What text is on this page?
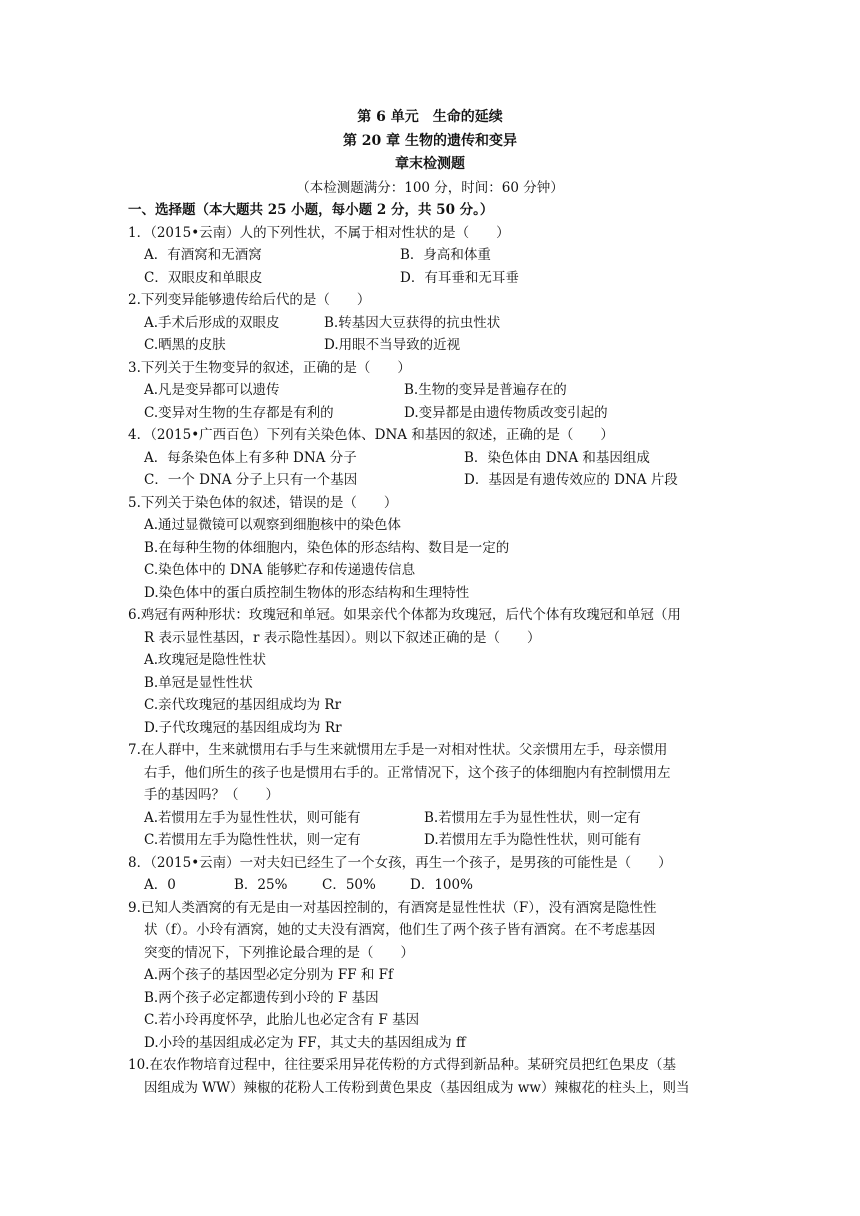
第 6 单元　生命的延续
第 20 章 生物的遗传和变异
章末检测题
（本检测题满分：100 分，时间：60 分钟）
一、选择题（本大题共 25 小题，每小题 2 分，共 50 分。）
1．（2015•云南）人的下列性状，不属于相对性状的是（　　）
A．有酒窝和无酒窝	B．身高和体重
C．双眼皮和单眼皮	D．有耳垂和无耳垂
2.下列变异能够遗传给后代的是（　　）
A.手术后形成的双眼皮	B.转基因大豆获得的抗虫性状
C.晒黑的皮肤	D.用眼不当导致的近视
3.下列关于生物变异的叙述，正确的是（　　）
A.凡是变异都可以遗传	B.生物的变异是普遍存在的
C.变异对生物的生存都是有利的	D.变异都是由遗传物质改变引起的
4．（2015•广西百色）下列有关染色体、DNA 和基因的叙述，正确的是（　　）
A．每条染色体上有多种 DNA 分子	B．染色体由 DNA 和基因组成
C．一个 DNA 分子上只有一个基因	D．基因是有遗传效应的 DNA 片段
5.下列关于染色体的叙述，错误的是（　　）
A.通过显微镜可以观察到细胞核中的染色体
B.在每种生物的体细胞内，染色体的形态结构、数目是一定的
C.染色体中的 DNA 能够贮存和传递遗传信息
D.染色体中的蛋白质控制生物体的形态结构和生理特性
6.鸡冠有两种形状：玫瑰冠和单冠。如果亲代个体都为玫瑰冠，后代个体有玫瑰冠和单冠（用
R 表示显性基因，r 表示隐性基因）。则以下叙述正确的是（　　）
A.玫瑰冠是隐性性状
B.单冠是显性性状
C.亲代玫瑰冠的基因组成均为 Rr
D.子代玫瑰冠的基因组成均为 Rr
7.在人群中，生来就惯用右手与生来就惯用左手是一对相对性状。父亲惯用左手，母亲惯用
右手，他们所生的孩子也是惯用右手的。正常情况下，这个孩子的体细胞内有控制惯用左
手的基因吗？（　　）
A.若惯用左手为显性性状，则可能有	B.若惯用左手为显性性状，则一定有
C.若惯用左手为隐性性状，则一定有	D.若惯用左手为隐性性状，则可能有
8．（2015•云南）一对夫妇已经生了一个女孩，再生一个孩子，是男孩的可能性是（　　）
A．0	B．25%	C．50%	D．100%
9.已知人类酒窝的有无是由一对基因控制的，有酒窝是显性性状（F），没有酒窝是隐性性
状（f）。小玲有酒窝，她的丈夫没有酒窝，他们生了两个孩子皆有酒窝。在不考虑基因
突变的情况下，下列推论最合理的是（　　）
A.两个孩子的基因型必定分别为 FF 和 Ff
B.两个孩子必定都遗传到小玲的 F 基因
C.若小玲再度怀孕，此胎儿也必定含有 F 基因
D.小玲的基因组成必定为 FF，其丈夫的基因组成为 ff
10.在农作物培育过程中，往往要采用异花传粉的方式得到新品种。某研究员把红色果皮（基
因组成为 WW）辣椒的花粉人工传粉到黄色果皮（基因组成为 ww）辣椒花的柱头上，则当
